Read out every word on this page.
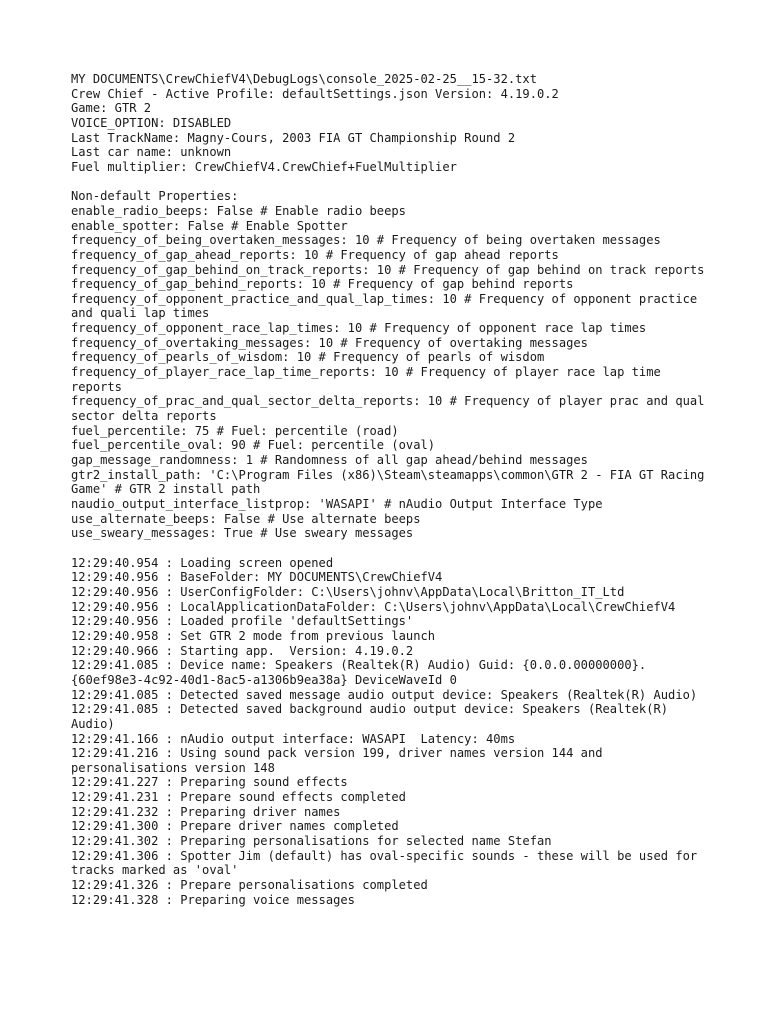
MY DOCUMENTS\CrewChiefV4\DebugLogs\console_2025-02-25__15-32.txt
Crew Chief - Active Profile: defaultSettings.json Version: 4.19.0.2
Game: GTR 2
VOICE_OPTION: DISABLED
Last TrackName: Magny-Cours, 2003 FIA GT Championship Round 2
Last car name: unknown
Fuel multiplier: CrewChiefV4.CrewChief+FuelMultiplier
Non-default Properties:
enable_radio_beeps: False # Enable radio beeps
enable_spotter: False # Enable Spotter
frequency_of_being_overtaken_messages: 10 # Frequency of being overtaken messages
frequency_of_gap_ahead_reports: 10 # Frequency of gap ahead reports
frequency_of_gap_behind_on_track_reports: 10 # Frequency of gap behind on track reports
frequency_of_gap_behind_reports: 10 # Frequency of gap behind reports
frequency_of_opponent_practice_and_qual_lap_times: 10 # Frequency of opponent practice and quali lap times
frequency_of_opponent_race_lap_times: 10 # Frequency of opponent race lap times
frequency_of_overtaking_messages: 10 # Frequency of overtaking messages
frequency_of_pearls_of_wisdom: 10 # Frequency of pearls of wisdom
frequency_of_player_race_lap_time_reports: 10 # Frequency of player race lap time reports
frequency_of_prac_and_qual_sector_delta_reports: 10 # Frequency of player prac and qual sector delta reports
fuel_percentile: 75 # Fuel: percentile (road)
fuel_percentile_oval: 90 # Fuel: percentile (oval)
gap_message_randomness: 1 # Randomness of all gap ahead/behind messages
gtr2_install_path: 'C:\Program Files (x86)\Steam\steamapps\common\GTR 2 - FIA GT Racing Game' # GTR 2 install path
naudio_output_interface_listprop: 'WASAPI' # nAudio Output Interface Type
use_alternate_beeps: False # Use alternate beeps
use_sweary_messages: True # Use sweary messages
12:29:40.954 : Loading screen opened
12:29:40.956 : BaseFolder: MY DOCUMENTS\CrewChiefV4
12:29:40.956 : UserConfigFolder: C:\Users\johnv\AppData\Local\Britton_IT_Ltd
12:29:40.956 : LocalApplicationDataFolder: C:\Users\johnv\AppData\Local\CrewChiefV4
12:29:40.956 : Loaded profile 'defaultSettings'
12:29:40.958 : Set GTR 2 mode from previous launch
12:29:40.966 : Starting app.  Version: 4.19.0.2
12:29:41.085 : Device name: Speakers (Realtek(R) Audio) Guid: {0.0.0.00000000}.{60ef98e3-4c92-40d1-8ac5-a1306b9ea38a} DeviceWaveId 0
12:29:41.085 : Detected saved message audio output device: Speakers (Realtek(R) Audio)
12:29:41.085 : Detected saved background audio output device: Speakers (Realtek(R) Audio)
12:29:41.166 : nAudio output interface: WASAPI  Latency: 40ms
12:29:41.216 : Using sound pack version 199, driver names version 144 and personalisations version 148
12:29:41.227 : Preparing sound effects
12:29:41.231 : Prepare sound effects completed
12:29:41.232 : Preparing driver names
12:29:41.300 : Prepare driver names completed
12:29:41.302 : Preparing personalisations for selected name Stefan
12:29:41.306 : Spotter Jim (default) has oval-specific sounds - these will be used for tracks marked as 'oval'
12:29:41.326 : Prepare personalisations completed
12:29:41.328 : Preparing voice messages
